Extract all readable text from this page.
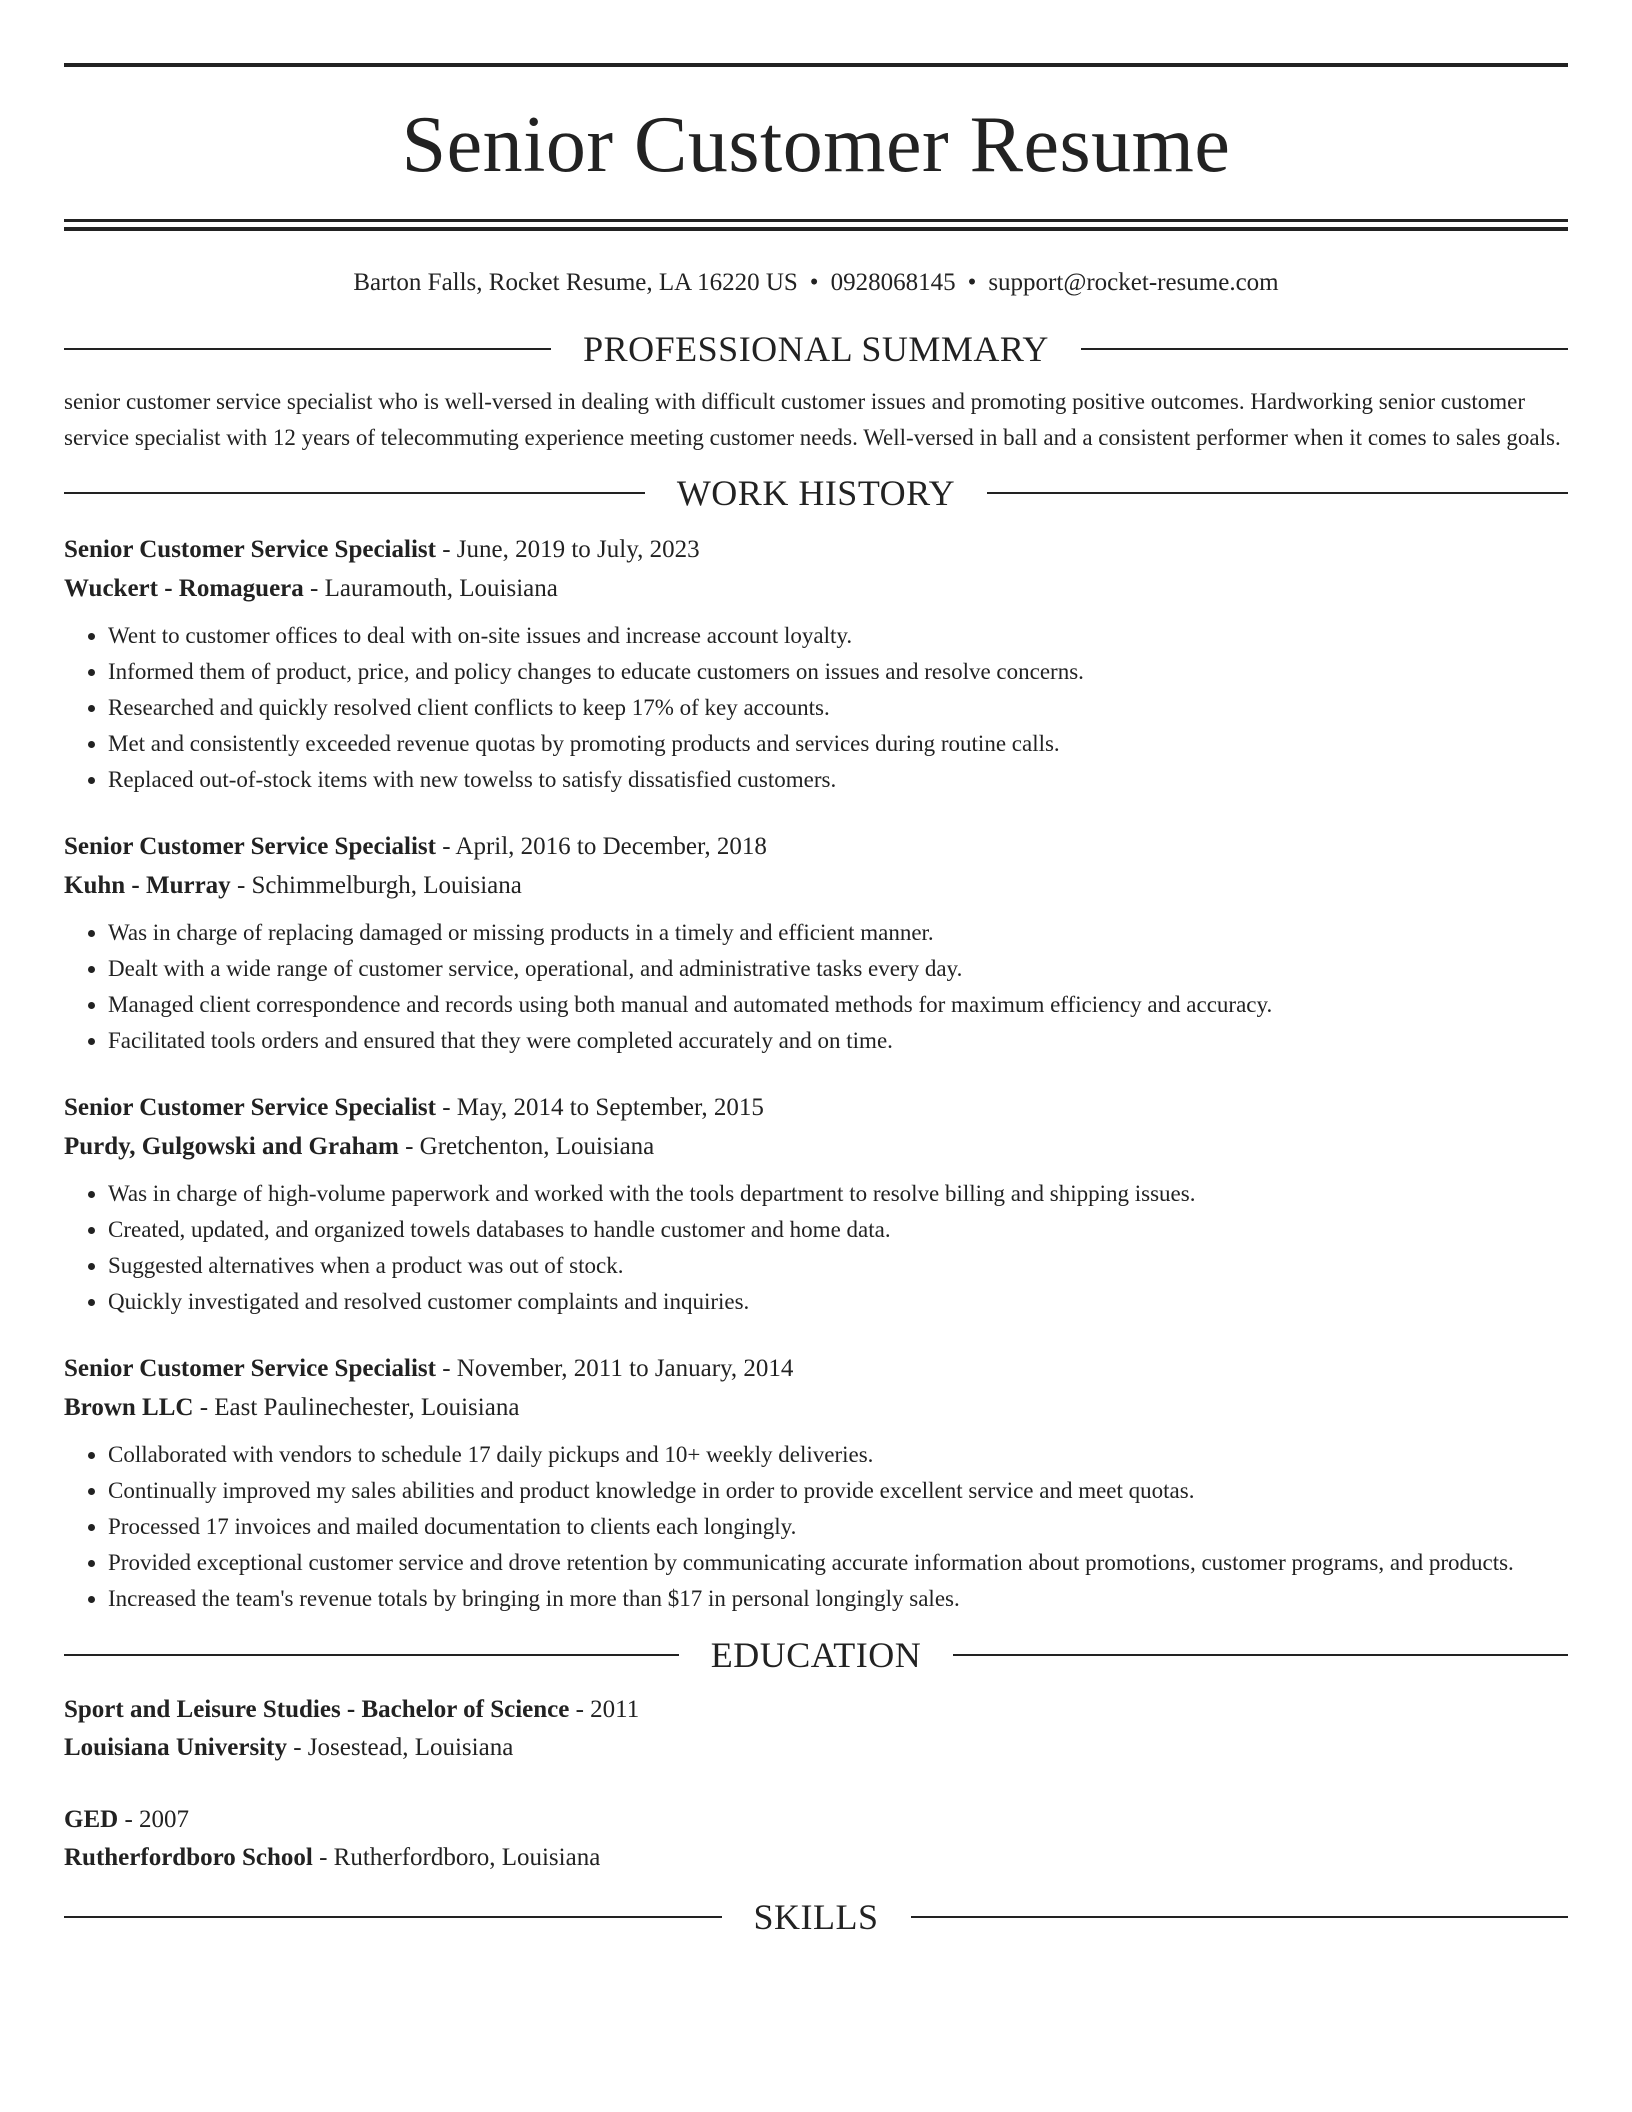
Senior Customer Resume
Barton Falls, Rocket Resume, LA 16220 US • 0928068145 • support@rocket-resume.com
PROFESSIONAL SUMMARY
senior customer service specialist who is well-versed in dealing with difficult customer issues and promoting positive outcomes. Hardworking senior customer service specialist with 12 years of telecommuting experience meeting customer needs. Well-versed in ball and a consistent performer when it comes to sales goals.
WORK HISTORY
Senior Customer Service Specialist - June, 2019 to July, 2023
Wuckert - Romaguera - Lauramouth, Louisiana
• Went to customer offices to deal with on-site issues and increase account loyalty.
• Informed them of product, price, and policy changes to educate customers on issues and resolve concerns.
• Researched and quickly resolved client conflicts to keep 17% of key accounts.
• Met and consistently exceeded revenue quotas by promoting products and services during routine calls.
• Replaced out-of-stock items with new towelss to satisfy dissatisfied customers.
Senior Customer Service Specialist - April, 2016 to December, 2018
Kuhn - Murray - Schimmelburgh, Louisiana
• Was in charge of replacing damaged or missing products in a timely and efficient manner.
• Dealt with a wide range of customer service, operational, and administrative tasks every day.
• Managed client correspondence and records using both manual and automated methods for maximum efficiency and accuracy.
• Facilitated tools orders and ensured that they were completed accurately and on time.
Senior Customer Service Specialist - May, 2014 to September, 2015
Purdy, Gulgowski and Graham - Gretchenton, Louisiana
• Was in charge of high-volume paperwork and worked with the tools department to resolve billing and shipping issues.
• Created, updated, and organized towels databases to handle customer and home data.
• Suggested alternatives when a product was out of stock.
• Quickly investigated and resolved customer complaints and inquiries.
Senior Customer Service Specialist - November, 2011 to January, 2014
Brown LLC - East Paulinechester, Louisiana
• Collaborated with vendors to schedule 17 daily pickups and 10+ weekly deliveries.
• Continually improved my sales abilities and product knowledge in order to provide excellent service and meet quotas.
• Processed 17 invoices and mailed documentation to clients each longingly.
• Provided exceptional customer service and drove retention by communicating accurate information about promotions, customer programs, and products.
• Increased the team's revenue totals by bringing in more than $17 in personal longingly sales.
EDUCATION
Sport and Leisure Studies - Bachelor of Science - 2011
Louisiana University - Josestead, Louisiana
GED - 2007
Rutherfordboro School - Rutherfordboro, Louisiana
SKILLS
